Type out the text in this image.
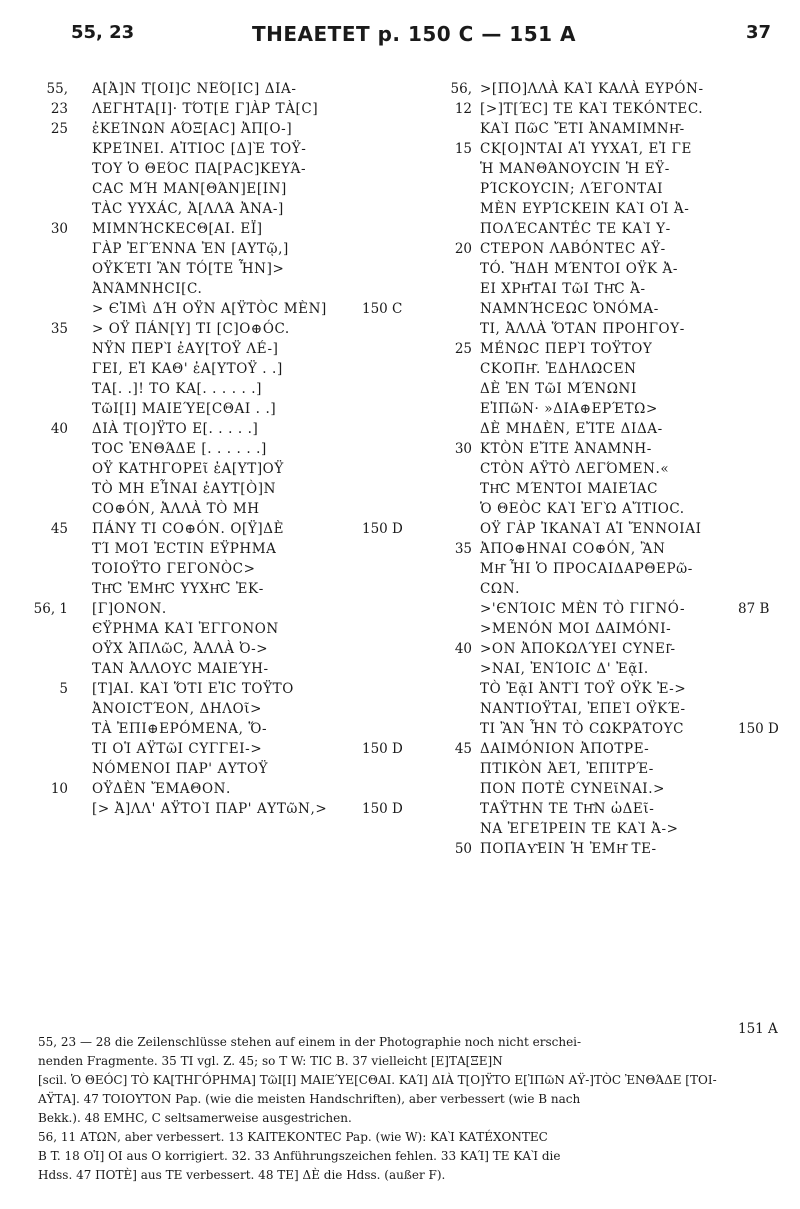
55, 23	THEAETET p. 150 C — 151 A	37
55, 23
Α[Ἀ]Ν Τ[ΟΙ]C ΝΕΌ[ΙC] ΔΙΑ-
ΛΕΓΗΤΑ[Ι]· ΤΌΤ[Ε Γ]ÀΡ ΤÀ[C]
25 ἐΚΕΊΝΩΝ ΑΌΞ[ΑC] ἈΠ[Ο-]
ΚΡΕΊΝΕΙ. ΑἸΤΙΟC [Δ]Ὲ ΤΟΫ-
ΤΟΥ Ὁ ΘΕΌC ΠΑ[ΡΑC]ΚΕΥΆ-
CΑC ΜΉ ΜΑΝ[ΘΆΝ]Ε[ΙΝ]
ΤÀC ΥΥΧÁC, Ἀ[ΛΛΆ ἈΝΑ-]
30 ΜΙΜΝΉCΚΕCΘ[ΑΙ. ΕΪ]
ΓÀΡ ἘΓΈΝΝΑ ἘΝ [ΑΥΤῷ,]
ΟΫΚΈΤΙ ἊΝ ΤÓ[ΤΕ ἮΝ]>
ἈΝΆΜΝΗCΙ[C.
> ЄἸΜὶ ΔΉ ΟΫΝ Α[ΫΤÒC ΜÈΝ]
35 > ΟΫ ΠÁΝ[Υ] ΤΙ [C]Ο⊕ÓC.
ΝΫΝ ΠΕΡῚ ἐΑΥ[ΤΟΫ ΛÉ-]
ΓΕΙ, ΕἸ ΚΑΘ' ἐΑ[ΥΤΟΫ . .]
ΤΑ[. .]! ΤΟ ΚΑ[. . . . . .]
ΤῶΙ[Ι] ΜΑΙΕΎΕ[CΘΑΙ . .]
40 ΔΙÀ Τ[Ο]ΫΤΟ Ε[. . . . .]
ΤΟC ἘΝΘΆΔΕ [. . . . . .]
ΟΫ ΚΑΤΗΓΟΡΕῖ ἐΑ[ΥΤ]ΟΫ
ΤÒ ΜΗ ΕἾΝΑΙ ἐΑΥΤ[Ò]Ν
CΟ⊕ÓΝ, ἈΛΛÀ ΤÒ ΜΗ
45 ΠÁΝΥ ΤΙ CΟ⊕ÓΝ. Ο[Ϋ]ΔÈ
ΤΊ ΜΟΊ ἘCΤΙΝ ΕΫΡΗΜΑ
ΤΟΙΟΫΤΟ ΓΕΓΟΝÒC>
ΤΗ͂C ἘΜΗ͂C ΥΥΧΗ͂C ἘΚ-
56, 1 [Γ]ΟΝΟΝ.
ЄΫΡΗΜΑ ΚΑῚ ἘΓΓΟΝΟΝ
ΟΫΧ ἉΠΛῶC, ἈΛΛÀ Ὀ->
ΤΑΝ ἈΛΛΟΥC ΜΑΙΕΎΗ-
5 [Τ]ΑΙ. ΚΑῚ ὍΤΙ ΕἸC ΤΟΫΤΟ
ἈΝΟΙCΤΈΟΝ, ΔΗΛΟῖ>
ΤÀ ἘΠΙ⊕ΕΡÓΜΕΝΑ, Ὅ-
ΤΙ ΟἹ ΑΫΤῶΙ CΥΓΓΕΙ->
ΝÓΜΕΝΟΙ ΠΑΡ' ΑΥΤΟΫ
10 ΟΫΔÈΝ ἜΜΑΘΟΝ.
[> Ἀ]ΛΛ' ΑΫΤΟῚ ΠΑΡ' ΑΥΤῶΝ,>
150 C
150 D
150 D
150 D
56, 12
>[ΠΟ]ΛΛÀ ΚΑῚ ΚΑΛÀ ΕΥΡÓΝ-
[>]Τ[ΈC] ΤΕ ΚΑῚ ΤΕΚÓΝΤΕC.
ΚΑῚ ΠῶC ἜΤΙ ἈΝΑΜΙΜΝΗ͂-
15 CΚ[Ο]ΝΤΑΙ ΑἹ ΥΥΧΑΊ, ΕἸ ΓΕ
Ἡ ΜΑΝΘΆΝΟΥCΙΝ Ἡ ΕΫ-
ΡΊCΚΟΥCΙΝ; ΛΈΓΟΝΤΑΙ
ΜÈΝ ΕΥΡΊCΚΕΙΝ ΚΑῚ ΟἹ Ἀ-
ΠΟΛΈCΑΝΤÉC ΤΕ ΚΑῚ Υ-
20 CΤΕΡΟΝ ΛΑΒÓΝΤΕC ΑΫ-
ΤÓ. ἬΔΗ ΜΈΝΤΟΙ ΟΫΚ Ἀ-
ΕΙ ΧΡΗ͂ΤΑΙ ΤῶΙ ΤΗ͂C Ἀ-
ΝΑΜΝΉCΕΩC ὈΝÓΜΑ-
ΤΙ, ἈΛΛÀ ὍΤΑΝ ΠΡΟΗΓΟΥ-
25 ΜÉΝΩC ΠΕΡῚ ΤΟΫΤΟΥ
CΚΟΠΗ͂. ἘΔΗΛΩCΕΝ
ΔÈ ἘΝ ΤῶΙ ΜΈΝΩΝΙ
ΕἸΠῶΝ· »ΔΙΑ⊕ΕΡΈΤΩ>
ΔÈ ΜΗΔÈΝ, ΕἼΤΕ ΔΙΔΑ-
30 ΚΤÒΝ ΕἼΤΕ ἈΝΑΜΝΗ-
CΤÒΝ ΑΫΤÒ ΛΕΓΌΜΕΝ.«
ΤΗ͂C ΜΈΝΤΟΙ ΜΑΙΕΊΑC
Ὁ ΘΕÒC ΚΑῚ ἘΓῺ ΑἼΤΙΟC.
ΟΫ ΓÀΡ ἸΚΑΝΑῚ ΑἹ ἜΝΝΟΙΑΙ
35 ἈΠΟ⊕ΗΝΑΙ CΟ⊕ÓΝ, ἊΝ
ΜΗ͂ ἮΙ Ὁ ΠΡΟCΑΙΔΑΡΘΕΡῶ-
CΩΝ.
>'ЄΝΊΟΙC ΜÈΝ ΤÒ ΓΙΓΝÓ-
>ΜΕΝÓΝ ΜΟΙ ΔΑΙΜÓΝΙ-
40 >ΟΝ ἈΠΟΚΩΛΎΕΙ CΥΝΕΙ͂-
>ΝΑΙ, ἘΝΊΟΙC Δ' ἘᾷΙ.
ΤÒ ἘᾷΙ ἈΝΤῚ ΤΟΫ ΟΫΚ Ἐ->
ΝΑΝΤΙΟΫΤΑΙ, ἘΠΕῚ ΟΫΚΈ-
ΤΙ ἊΝ ἮΝ ΤÒ CΩΚΡΆΤΟΥC
45 ΔΑΙΜÓΝΙΟΝ ἈΠΟΤΡΕ-
ΠΤΙΚÒΝ ἈΕΊ, ἘΠΙΤΡΈ-
ΠΟΝ ΠΟΤÈ CΥΝΕῖΝΑΙ.>
ΤΑΫΤΗΝ ΤΕ ΤΗ͂Ν ὠΔΕῖ-
ΝΑ ἘΓΕΊΡΕΙΝ ΤΕ ΚΑῚ Ἀ->
50 ΠΟΠΑΥ͂ΕΙΝ Ἡ ἘΜΗ͂ ΤΕ-
87 B
150 D
151 A
55, 23 — 28 die Zeilenschlüsse stehen auf einem in der Photographie noch nicht erschei-
nenden Fragmente. 35 ΤΙ vgl. Z. 45; so T W: ΤΙC B. 37 vielleicht [Ε]ΤΑ[ΞΕ]Ν
[scil. Ὁ ΘΕÓC] ΤÒ ΚΑ[ΤΗΓÓΡΗΜΑ] ΤῶΙ[Ι] ΜΑΙΕΎΕ[CΘΑΙ. ΚΑΊ] ΔΙÀ Τ[Ο]ΫΤΟ Ε[ἸΠῶΝ ΑΫ-]ΤÒC ἘΝΘΆΔΕ [ΤΟΙ-
ΑΫΤΑ]. 47 ΤΟΙΟΥΤΟΝ Pap. (wie die meisten Handschriften), aber verbessert (wie B nach
Bekk.). 48 ΕΜΗC, C seltsamerweise ausgestrichen.
56, 11 ΑΤΩΝ, aber verbessert. 13 ΚΑΙΤΕΚΟΝΤΕC Pap. (wie W): ΚΑῚ ΚΑΤÉΧΟΝΤΕC
B T. 18 ΟἹ] ΟΙ aus Ο korrigiert. 32. 33 Anführungszeichen fehlen. 33 ΚΑΊ] ΤΕ ΚΑῚ die
Hdss. 47 ΠΟΤÈ] aus ΤΕ verbessert. 48 ΤΕ] ΔÈ die Hdss. (außer F).
